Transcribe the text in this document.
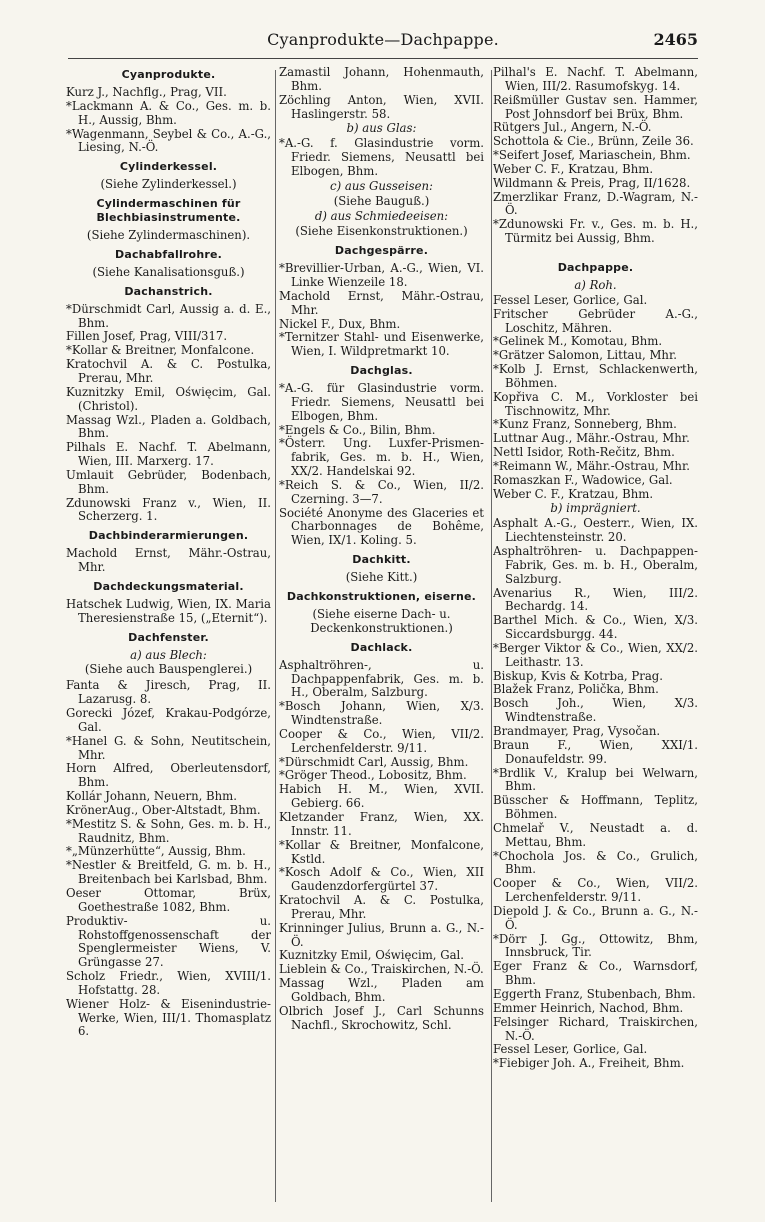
Cyanprodukte—Dachpappe.	2465

Cyanprodukte.

Kurz J., Nachflg., Prag, VII.

*Lackmann A. & Co., Ges. m. b. H., Aussig, Bhm.

*Wagenmann, Seybel & Co., A.-G., Liesing, N.-Ö.

Cylinderkessel.

(Siehe Zylinderkessel.)

Cylindermaschinen für Blechbiasinstrumente.

(Siehe Zylindermaschinen).

Dachabfallrohre.

(Siehe Kanalisationsguß.)

Dachanstrich.

*Dürschmidt Carl, Aussig a. d. E., Bhm.

Fillen Josef, Prag, VIII/317.

*Kollar & Breitner, Monfalcone.

Kratochvil A. & C. Postulka, Prerau, Mhr.

Kuznitzky Emil, Oświęcim, Gal. (Christol).

Massag Wzl., Pladen a. Goldbach, Bhm.

Pilhals E. Nachf. T. Abelmann, Wien, III. Marxerg. 17.

Umlauit Gebrüder, Bodenbach, Bhm.

Zdunowski Franz v., Wien, II. Scherzerg. 1.

Dachbinderarmierungen.

Machold Ernst, Mähr.-Ostrau, Mhr.

Dachdeckungsmaterial.

Hatschek Ludwig, Wien, IX. Maria Theresienstraße 15, („Eternit“).

Dachfenster.

a) aus Blech:

(Siehe auch Bauspenglerei.)

Fanta & Jiresch, Prag, II. Lazarusg. 8.

Gorecki Józef, Krakau-Podgórze, Gal.

*Hanel G. & Sohn, Neutitschein, Mhr.

Horn Alfred, Oberleutensdorf, Bhm.

Kollár Johann, Neuern, Bhm.

KrönerAug., Ober-Altstadt, Bhm.

*Mestitz S. & Sohn, Ges. m. b. H., Raudnitz, Bhm.

*„Münzerhütte“, Aussig, Bhm.

*Nestler & Breitfeld, G. m. b. H., Breitenbach bei Karlsbad, Bhm.

Oeser Ottomar, Brüx, Goethestraße 1082, Bhm.

Produktiv- u. Rohstoffgenossenschaft der Spenglermeister Wiens, V. Grüngasse 27.

Scholz Friedr., Wien, XVIII/1. Hofstattg. 28.

Wiener Holz- & Eisenindustrie-Werke, Wien, III/1. Thomasplatz 6.

Zamastil Johann, Hohenmauth, Bhm.

Zöchling Anton, Wien, XVII. Haslingerstr. 58.

b) aus Glas:

*A.-G. f. Glasindustrie vorm. Friedr. Siemens, Neusattl bei Elbogen, Bhm.

c) aus Gusseisen:

(Siehe Bauguß.)

d) aus Schmiedeeisen:

(Siehe Eisenkonstruktionen.)

Dachgespärre.

*Brevillier-Urban, A.-G., Wien, VI. Linke Wienzeile 18.

Machold Ernst, Mähr.-Ostrau, Mhr.

Nickel F., Dux, Bhm.

*Ternitzer Stahl- und Eisenwerke, Wien, I. Wildpretmarkt 10.

Dachglas.

*A.-G. für Glasindustrie vorm. Friedr. Siemens, Neusattl bei Elbogen, Bhm.

*Engels & Co., Bilin, Bhm.

*Österr. Ung. Luxfer-Prismen-fabrik, Ges. m. b. H., Wien, XX/2. Handelskai 92.

*Reich S. & Co., Wien, II/2. Czerning. 3—7.

Société Anonyme des Glaceries et Charbonnages de Bohême, Wien, IX/1. Koling. 5.

Dachkitt.

(Siehe Kitt.)

Dachkonstruktionen, eiserne.

(Siehe eiserne Dach- u. Deckenkonstruktionen.)

Dachlack.

Asphaltröhren-, u. Dachpappenfabrik, Ges. m. b. H., Oberalm, Salzburg.

*Bosch Johann, Wien, X/3. Windtenstraße.

Cooper & Co., Wien, VII/2. Lerchenfelderstr. 9/11.

*Dürschmidt Carl, Aussig, Bhm.

*Gröger Theod., Lobositz, Bhm.

Habich H. M., Wien, XVII. Gebierg. 66.

Kletzander Franz, Wien, XX. Innstr. 11.

*Kollar & Breitner, Monfalcone, Kstld.

*Kosch Adolf & Co., Wien, XII Gaudenzdorfergürtel 37.

Kratochvil A. & C. Postulka, Prerau, Mhr.

Krinninger Julius, Brunn a. G., N.-Ö.

Kuznitzky Emil, Oświęcim, Gal.

Lieblein & Co., Traiskirchen, N.-Ö.

Massag Wzl., Pladen am Goldbach, Bhm.

Olbrich Josef J., Carl Schunns Nachfl., Skrochowitz, Schl.

Pilhal's E. Nachf. T. Abelmann, Wien, III/2. Rasumofskyg. 14.

Reißmüller Gustav sen. Hammer, Post Johnsdorf bei Brüx, Bhm.

Rütgers Jul., Angern, N.-Ö.

Schottola & Cie., Brünn, Zeile 36.

*Seifert Josef, Mariaschein, Bhm.

Weber C. F., Kratzau, Bhm.

Wildmann & Preis, Prag, II/1628.

Zmerzlikar Franz, D.-Wagram, N.-Ö.

*Zdunowski Fr. v., Ges. m. b. H., Türmitz bei Aussig, Bhm.

Dachpappe.

a) Roh.

Fessel Leser, Gorlice, Gal.

Fritscher Gebrüder A.-G., Loschitz, Mähren.

*Gelinek M., Komotau, Bhm.

*Grätzer Salomon, Littau, Mhr.

*Kolb J. Ernst, Schlackenwerth, Böhmen.

Kopřiva C. M., Vorkloster bei Tischnowitz, Mhr.

*Kunz Franz, Sonneberg, Bhm.

Luttnar Aug., Mähr.-Ostrau, Mhr.

Nettl Isidor, Roth-Rečitz, Bhm.

*Reimann W., Mähr.-Ostrau, Mhr.

Romaszkan F., Wadowice, Gal.

Weber C. F., Kratzau, Bhm.

b) imprägniert.

Asphalt A.-G., Oesterr., Wien, IX. Liechtensteinstr. 20.

Asphaltröhren- u. Dachpappen-Fabrik, Ges. m. b. H., Oberalm, Salzburg.

Avenarius R., Wien, III/2. Bechardg. 14.

Barthel Mich. & Co., Wien, X/3. Siccardsburgg. 44.

*Berger Viktor & Co., Wien, XX/2. Leithastr. 13.

Biskup, Kvis & Kotrba, Prag.

Blažek Franz, Polička, Bhm.

Bosch Joh., Wien, X/3. Windtenstraße.

Brandmayer, Prag, Vysočan.

Braun F., Wien, XXI/1. Donaufeldstr. 99.

*Brdlik V., Kralup bei Welwarn, Bhm.

Büsscher & Hoffmann, Teplitz, Böhmen.

Chmelař V., Neustadt a. d. Mettau, Bhm.

*Chochola Jos. & Co., Grulich, Bhm.

Cooper & Co., Wien, VII/2. Lerchenfelderstr. 9/11.

Diepold J. & Co., Brunn a. G., N.-Ö.

*Dörr J. Gg., Ottowitz, Bhm, Innsbruck, Tir.

Eger Franz & Co., Warnsdorf, Bhm.

Eggerth Franz, Stubenbach, Bhm.

Emmer Heinrich, Nachod, Bhm.

Felsinger Richard, Traiskirchen, N.-Ö.

Fessel Leser, Gorlice, Gal.

*Fiebiger Joh. A., Freiheit, Bhm.
